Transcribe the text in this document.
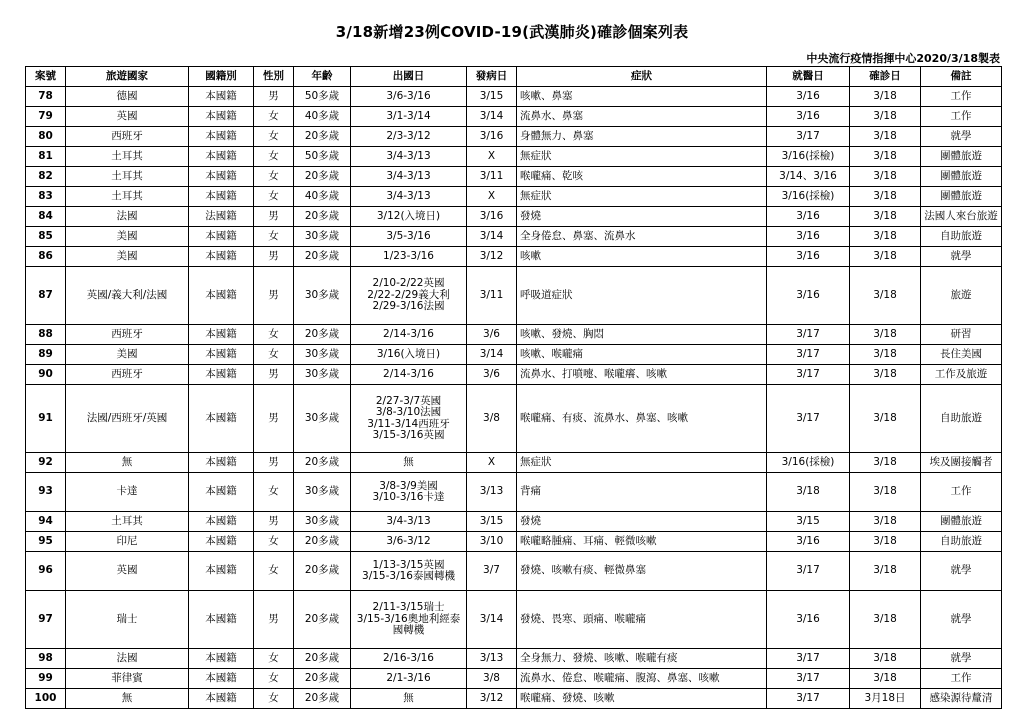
3/18新增23例COVID-19(武漢肺炎)確診個案列表
中央流行疫情指揮中心2020/3/18製表
案號	旅遊國家	國籍別	性別	年齡	出國日	發病日	症狀	就醫日	確診日	備註
78	德國	本國籍	男	50多歲	3/6-3/16	3/15	咳嗽、鼻塞	3/16	3/18	工作
79	英國	本國籍	女	40多歲	3/1-3/14	3/14	流鼻水、鼻塞	3/16	3/18	工作
80	西班牙	本國籍	女	20多歲	2/3-3/12	3/16	身體無力、鼻塞	3/17	3/18	就學
81	土耳其	本國籍	女	50多歲	3/4-3/13	X	無症狀	3/16(採檢)	3/18	團體旅遊
82	土耳其	本國籍	女	20多歲	3/4-3/13	3/11	喉嚨痛、乾咳	3/14、3/16	3/18	團體旅遊
83	土耳其	本國籍	女	40多歲	3/4-3/13	X	無症狀	3/16(採檢)	3/18	團體旅遊
84	法國	法國籍	男	20多歲	3/12(入境日)	3/16	發燒	3/16	3/18	法國人來台旅遊
85	美國	本國籍	女	30多歲	3/5-3/16	3/14	全身倦怠、鼻塞、流鼻水	3/16	3/18	自助旅遊
86	美國	本國籍	男	20多歲	1/23-3/16	3/12	咳嗽	3/16	3/18	就學
87	英國/義大利/法國	本國籍	男	30多歲	2/10-2/22英國
2/22-2/29義大利
2/29-3/16法國	3/11	呼吸道症狀	3/16	3/18	旅遊
88	西班牙	本國籍	女	20多歲	2/14-3/16	3/6	咳嗽、發燒、胸悶	3/17	3/18	研習
89	美國	本國籍	女	30多歲	3/16(入境日)	3/14	咳嗽、喉嚨痛	3/17	3/18	長住美國
90	西班牙	本國籍	男	30多歲	2/14-3/16	3/6	流鼻水、打噴嚏、喉嚨癢、咳嗽	3/17	3/18	工作及旅遊
91	法國/西班牙/英國	本國籍	男	30多歲	2/27-3/7英國
3/8-3/10法國
3/11-3/14西班牙
3/15-3/16英國	3/8	喉嚨痛、有痰、流鼻水、鼻塞、咳嗽	3/17	3/18	自助旅遊
92	無	本國籍	男	20多歲	無	X	無症狀	3/16(採檢)	3/18	埃及團接觸者
93	卡達	本國籍	女	30多歲	3/8-3/9美國
3/10-3/16卡達	3/13	背痛	3/18	3/18	工作
94	土耳其	本國籍	男	30多歲	3/4-3/13	3/15	發燒	3/15	3/18	團體旅遊
95	印尼	本國籍	女	20多歲	3/6-3/12	3/10	喉嚨略腫痛、耳痛、輕微咳嗽	3/16	3/18	自助旅遊
96	英國	本國籍	女	20多歲	1/13-3/15英國
3/15-3/16泰國轉機	3/7	發燒、咳嗽有痰、輕微鼻塞	3/17	3/18	就學
97	瑞士	本國籍	男	20多歲	2/11-3/15瑞士
3/15-3/16奧地利經泰
國轉機	3/14	發燒、畏寒、頭痛、喉嚨痛	3/16	3/18	就學
98	法國	本國籍	女	20多歲	2/16-3/16	3/13	全身無力、發燒、咳嗽、喉嚨有痰	3/17	3/18	就學
99	菲律賓	本國籍	女	20多歲	2/1-3/16	3/8	流鼻水、倦怠、喉嚨痛、腹瀉、鼻塞、咳嗽	3/17	3/18	工作
100	無	本國籍	女	20多歲	無	3/12	喉嚨痛、發燒、咳嗽	3/17	3月18日	感染源待釐清
